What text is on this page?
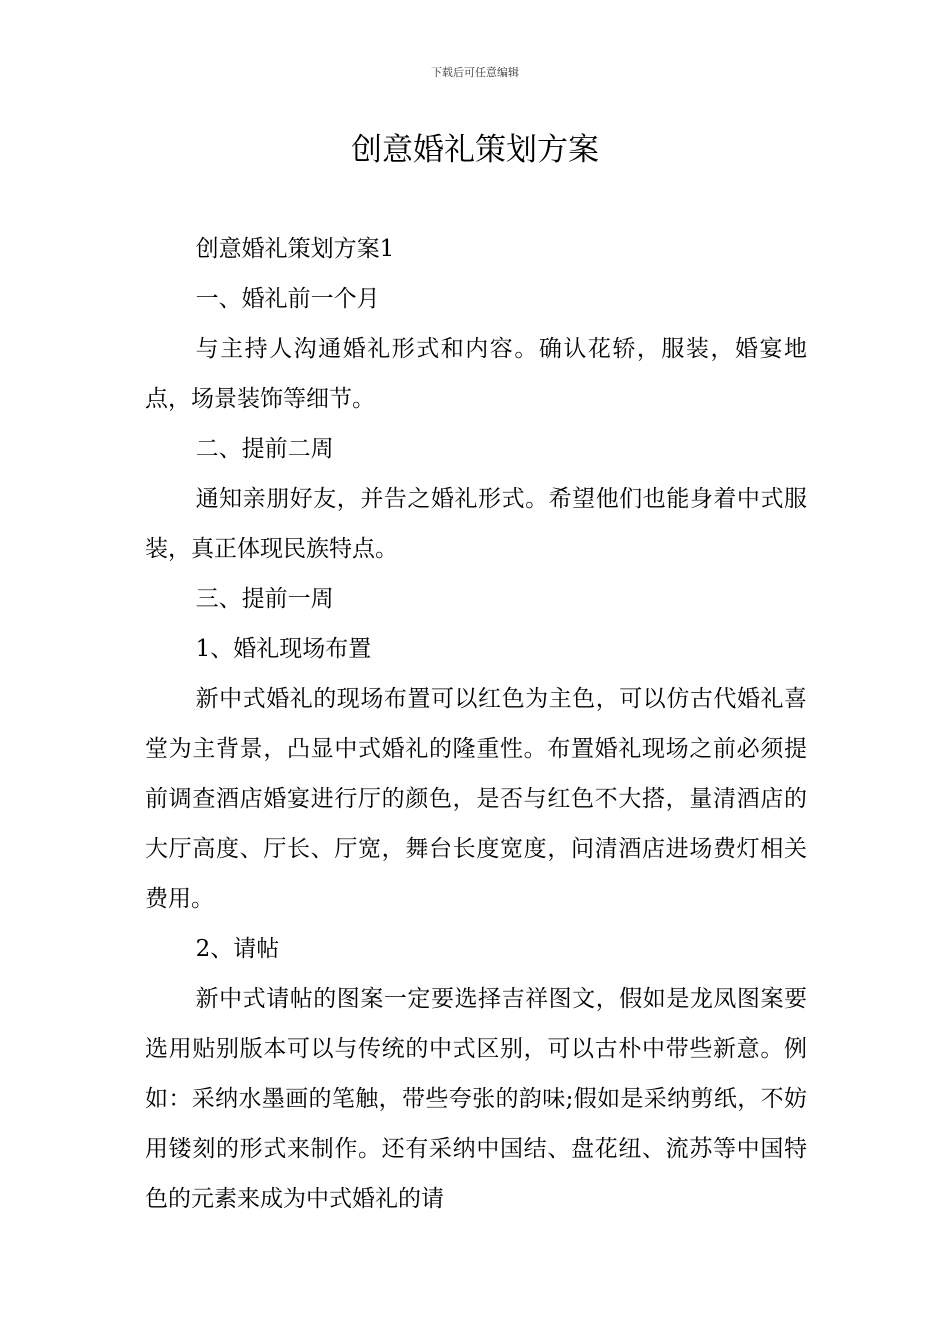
下载后可任意编辑
创意婚礼策划方案

创意婚礼策划方案1

一、婚礼前一个月

与主持人沟通婚礼形式和内容。确认花轿，服装，婚宴地点，场景装饰等细节。

二、提前二周

通知亲朋好友，并告之婚礼形式。希望他们也能身着中式服装，真正体现民族特点。

三、提前一周

1、婚礼现场布置

新中式婚礼的现场布置可以红色为主色，可以仿古代婚礼喜堂为主背景，凸显中式婚礼的隆重性。布置婚礼现场之前必须提前调查酒店婚宴进行厅的颜色，是否与红色不大搭，量清酒店的大厅高度、厅长、厅宽，舞台长度宽度，问清酒店进场费灯相关费用。

2、请帖

新中式请帖的图案一定要选择吉祥图文，假如是龙凤图案要选用贴别版本可以与传统的中式区别，可以古朴中带些新意。例如：采纳水墨画的笔触，带些夸张的韵味;假如是采纳剪纸，不妨用镂刻的形式来制作。还有采纳中国结、盘花纽、流苏等中国特色的元素来成为中式婚礼的请
